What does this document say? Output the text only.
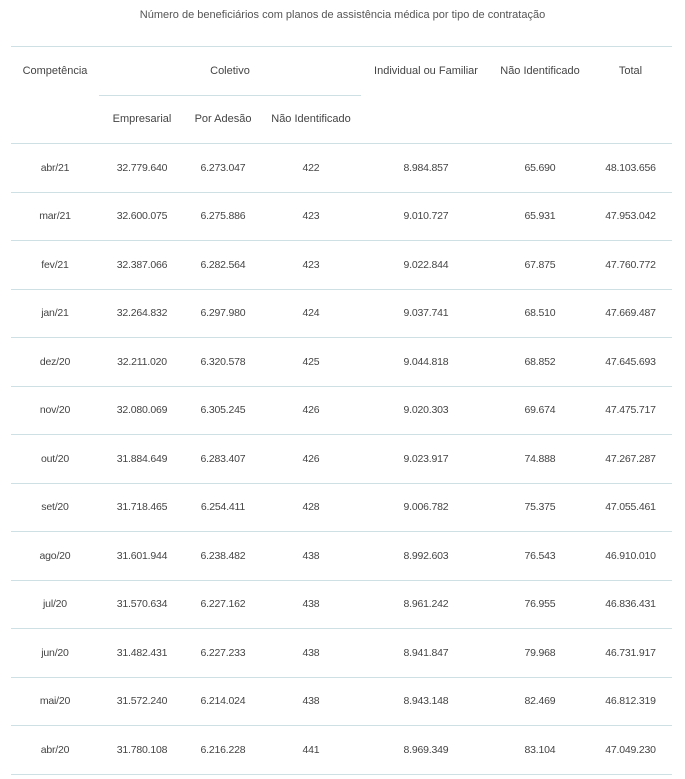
Número de beneficiários com planos de assistência médica por tipo de contratação
Competência	Coletivo			Individual ou Familiar	Não Identificado	Total
	Empresarial	Por Adesão	Não Identificado			
abr/21	32.779.640	6.273.047	422	8.984.857	65.690	48.103.656
mar/21	32.600.075	6.275.886	423	9.010.727	65.931	47.953.042
fev/21	32.387.066	6.282.564	423	9.022.844	67.875	47.760.772
jan/21	32.264.832	6.297.980	424	9.037.741	68.510	47.669.487
dez/20	32.211.020	6.320.578	425	9.044.818	68.852	47.645.693
nov/20	32.080.069	6.305.245	426	9.020.303	69.674	47.475.717
out/20	31.884.649	6.283.407	426	9.023.917	74.888	47.267.287
set/20	31.718.465	6.254.411	428	9.006.782	75.375	47.055.461
ago/20	31.601.944	6.238.482	438	8.992.603	76.543	46.910.010
jul/20	31.570.634	6.227.162	438	8.961.242	76.955	46.836.431
jun/20	31.482.431	6.227.233	438	8.941.847	79.968	46.731.917
mai/20	31.572.240	6.214.024	438	8.943.148	82.469	46.812.319
abr/20	31.780.108	6.216.228	441	8.969.349	83.104	47.049.230
